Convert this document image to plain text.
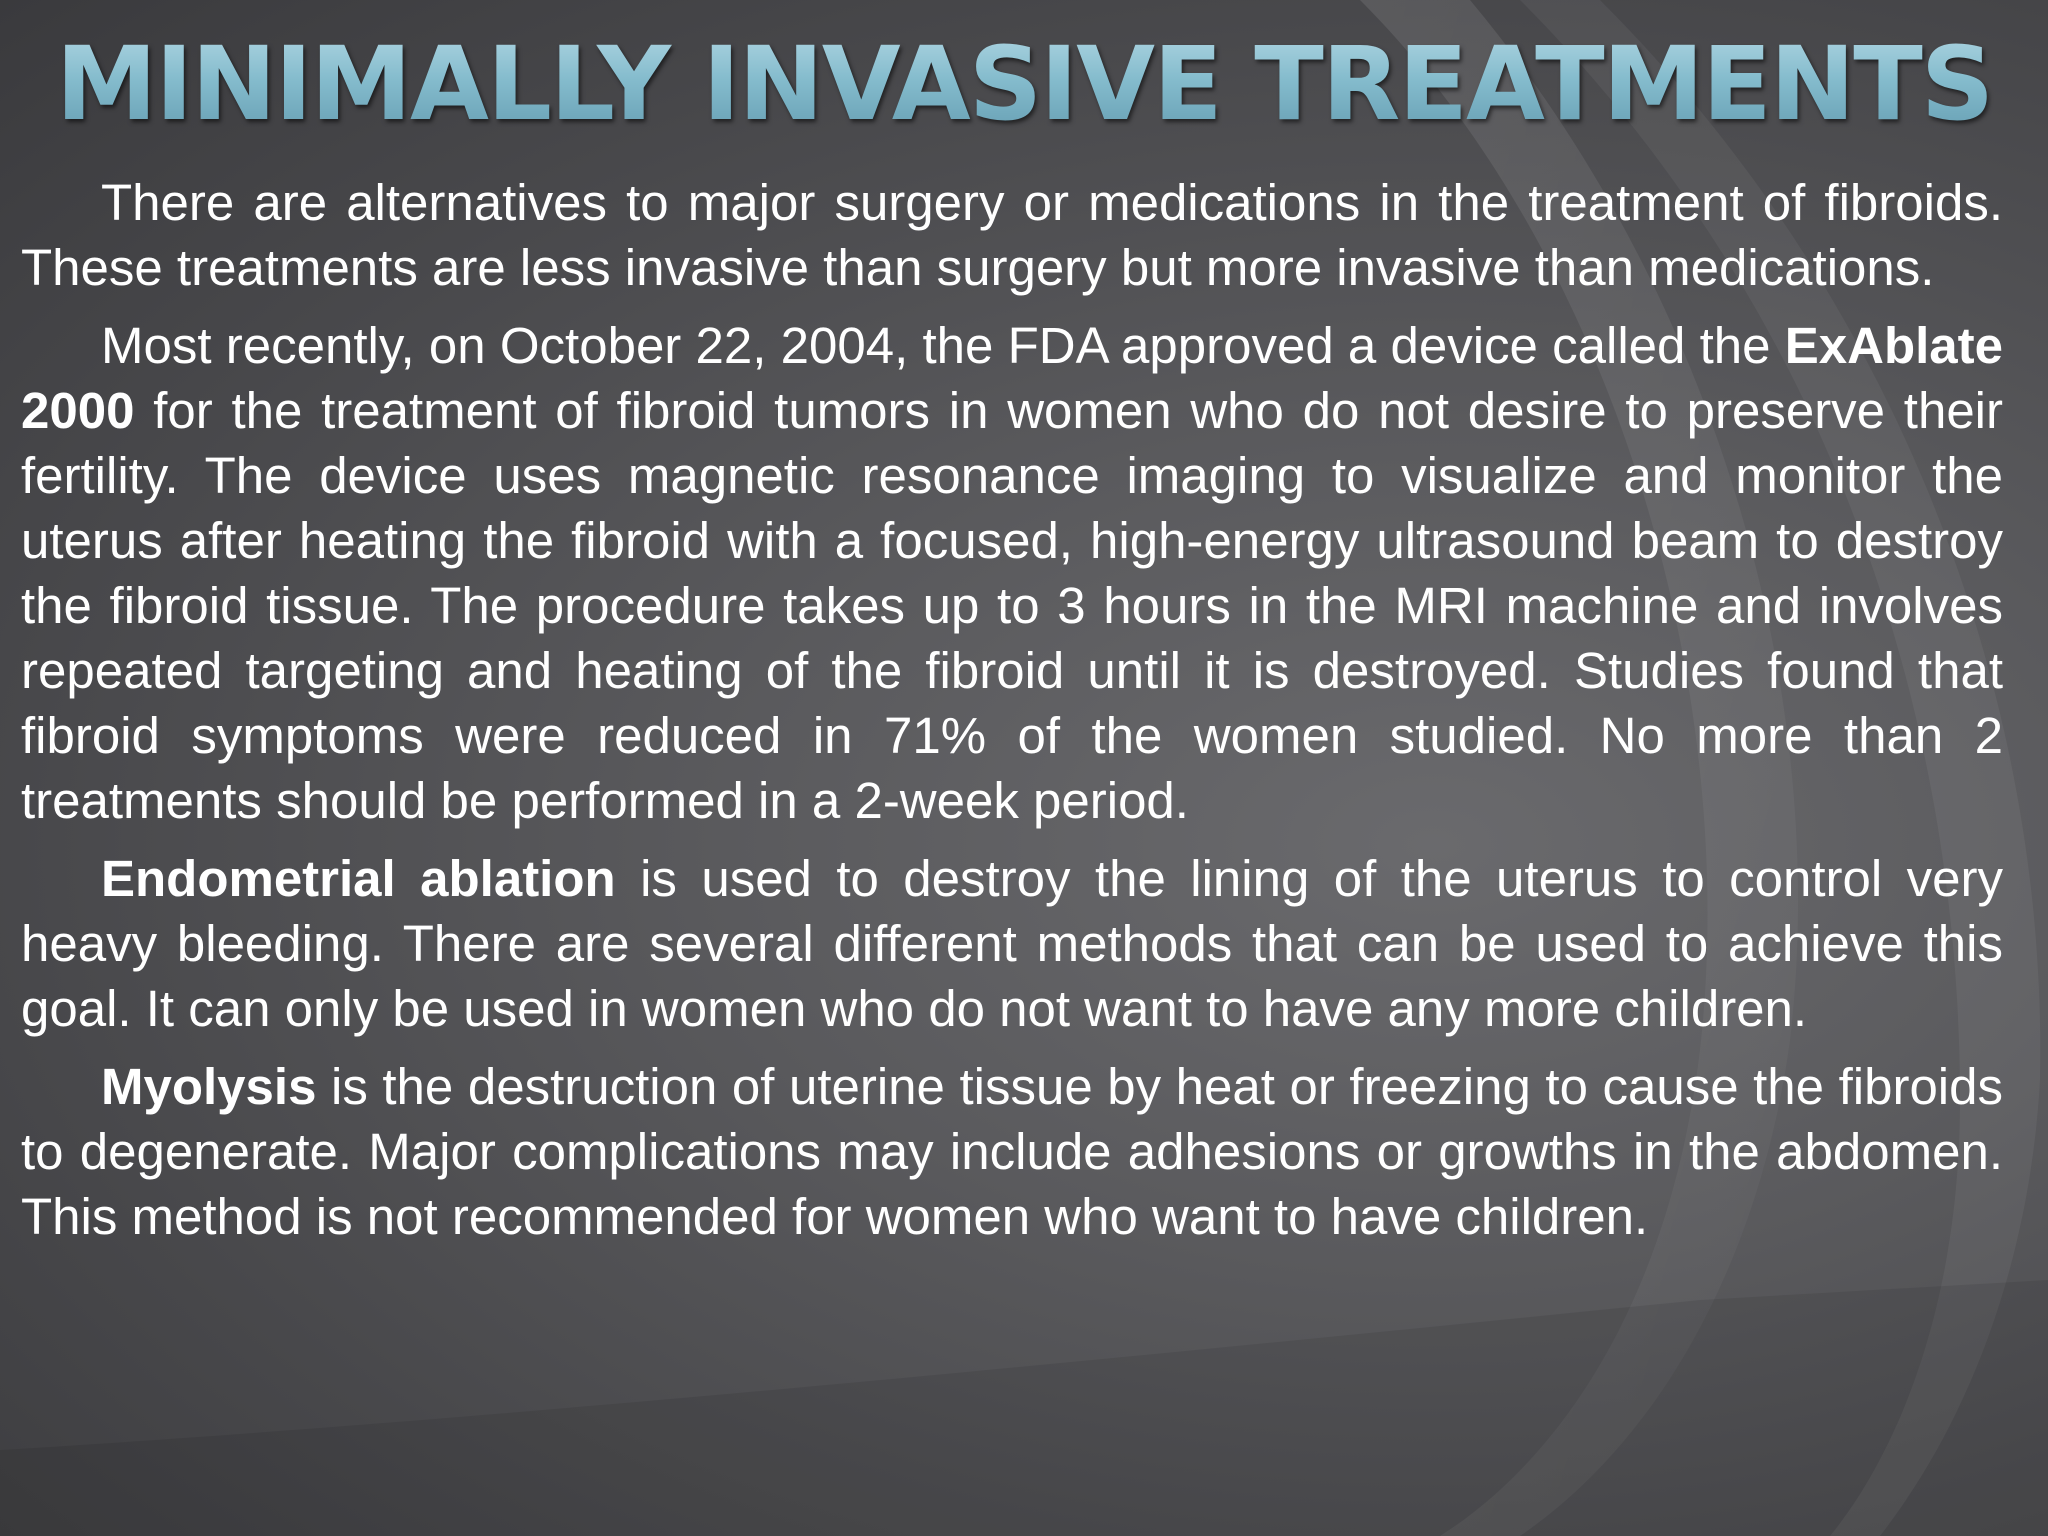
MINIMALLY INVASIVE TREATMENTS

There are alternatives to major surgery or medications in the treatment of fibroids. These treatments are less invasive than surgery but more invasive than medications.

Most recently, on October 22, 2004, the FDA approved a device called the ExAblate 2000 for the treatment of fibroid tumors in women who do not desire to preserve their fertility. The device uses magnetic resonance imaging to visualize and monitor the uterus after heating the fibroid with a focused, high-energy ultrasound beam to destroy the fibroid tissue. The procedure takes up to 3 hours in the MRI machine and involves repeated targeting and heating of the fibroid until it is destroyed. Studies found that fibroid symptoms were reduced in 71% of the women studied. No more than 2 treatments should be performed in a 2-week period.

Endometrial ablation is used to destroy the lining of the uterus to control very heavy bleeding. There are several different methods that can be used to achieve this goal. It can only be used in women who do not want to have any more children.

Myolysis is the destruction of uterine tissue by heat or freezing to cause the fibroids to degenerate. Major complications may include adhesions or growths in the abdomen. This method is not recommended for women who want to have children.
